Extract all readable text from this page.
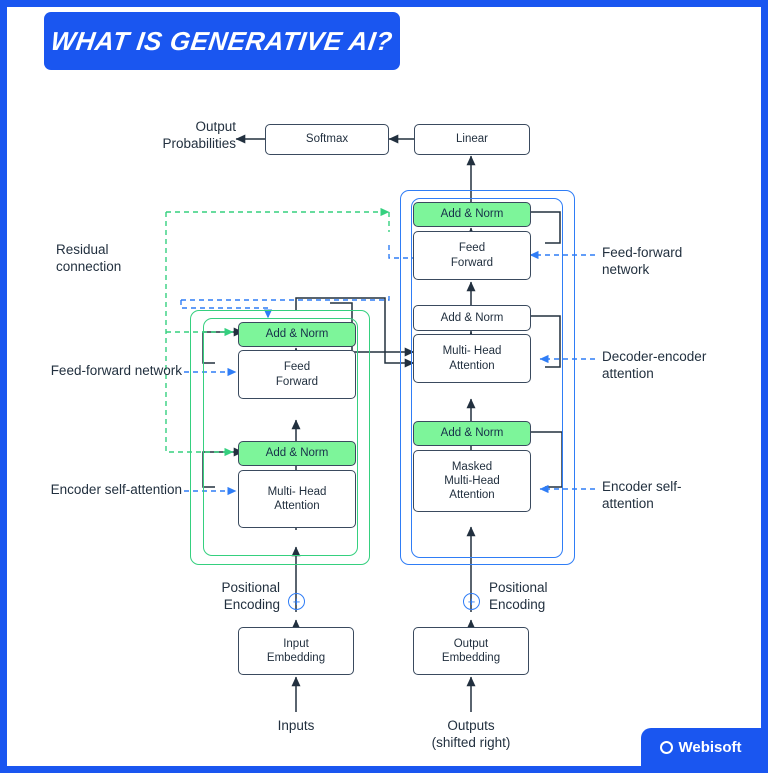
WHAT IS GENERATIVE AI?
Softmax	Linear
Add & Norm
Feed
Forward
Add & Norm
Multi- Head
Attention
Add & Norm
Masked
Multi-Head
Attention
Add & Norm
Feed
Forward
Add & Norm
Multi- Head
Attention
Input
Embedding
Output
Embedding
+	+
Output
Probabilities
Residual
connection
Feed-forward network
Encoder self-attention
Feed-forward
network
Decoder-encoder
attention
Encoder self-
attention
Positional
Encoding
Positional
Encoding
Inputs	Outputs
(shifted right)	Webisoft
